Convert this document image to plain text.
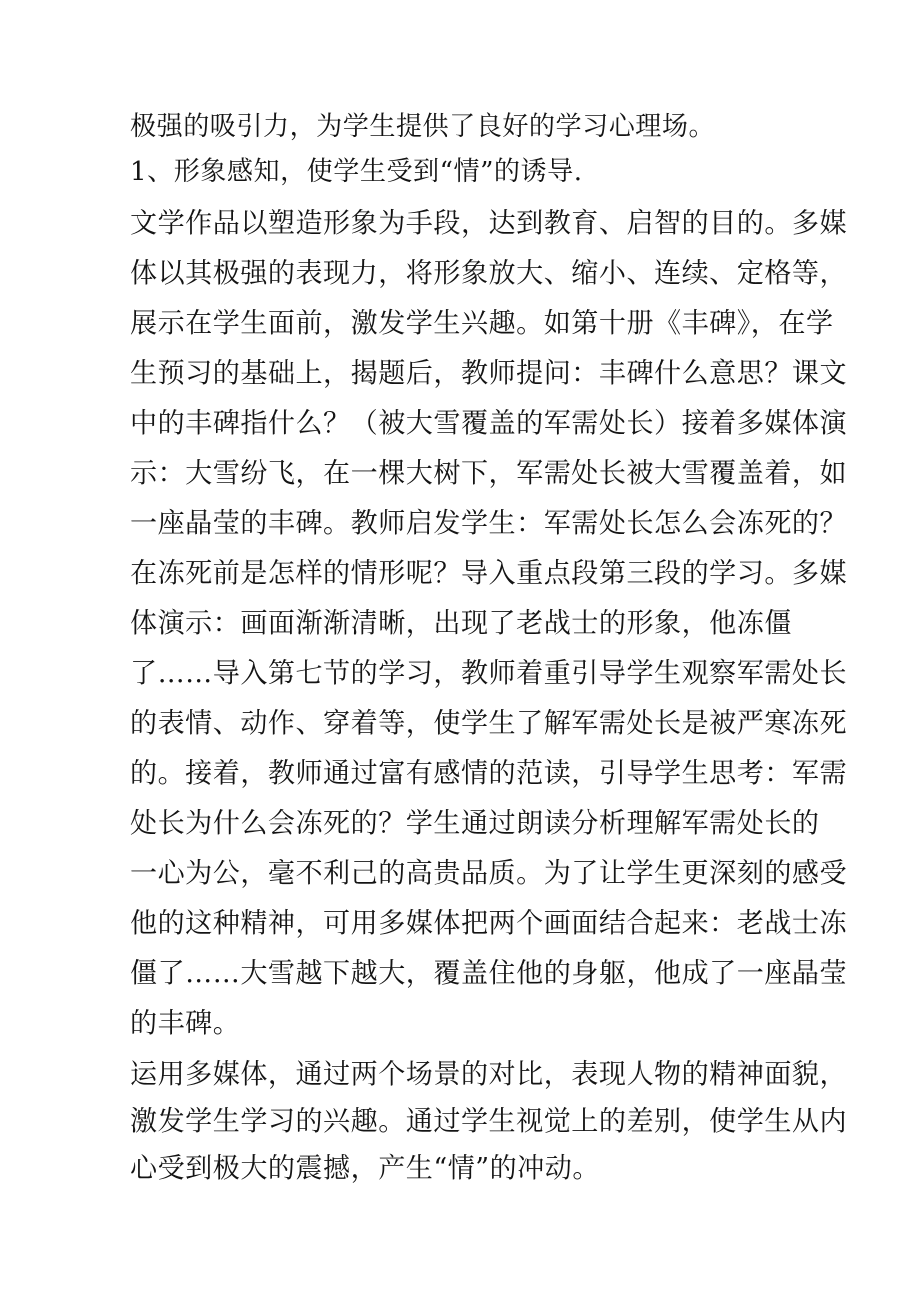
极强的吸引力，为学生提供了良好的学习心理场。
1、形象感知，使学生受到“情”的诱导.
文学作品以塑造形象为手段，达到教育、启智的目的。多媒
体以其极强的表现力，将形象放大、缩小、连续、定格等，
展示在学生面前，激发学生兴趣。如第十册《丰碑》，在学
生预习的基础上，揭题后，教师提问：丰碑什么意思？课文
中的丰碑指什么？（被大雪覆盖的军需处长）接着多媒体演
示：大雪纷飞，在一棵大树下，军需处长被大雪覆盖着，如
一座晶莹的丰碑。教师启发学生：军需处长怎么会冻死的？
在冻死前是怎样的情形呢？导入重点段第三段的学习。多媒
体演示：画面渐渐清晰，出现了老战士的形象，他冻僵
了……导入第七节的学习，教师着重引导学生观察军需处长
的表情、动作、穿着等，使学生了解军需处长是被严寒冻死
的。接着，教师通过富有感情的范读，引导学生思考：军需
处长为什么会冻死的？学生通过朗读分析理解军需处长的
一心为公，毫不利己的高贵品质。为了让学生更深刻的感受
他的这种精神，可用多媒体把两个画面结合起来：老战士冻
僵了……大雪越下越大，覆盖住他的身躯，他成了一座晶莹
的丰碑。
运用多媒体，通过两个场景的对比，表现人物的精神面貌，
激发学生学习的兴趣。通过学生视觉上的差别，使学生从内
心受到极大的震撼，产生“情”的冲动。
